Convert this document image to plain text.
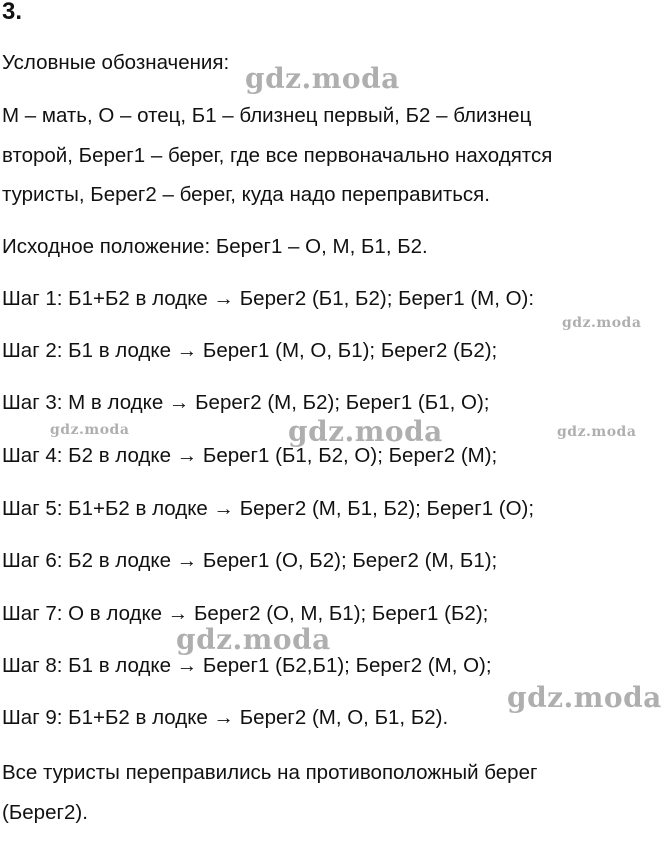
3.
Условные обозначения:
М – мать, О – отец, Б1 – близнец первый, Б2 – близнец
второй, Берег1 – берег, где все первоначально находятся
туристы, Берег2 – берег, куда надо переправиться.
Исходное положение: Берег1 – О, М, Б1, Б2.
Шаг 1: Б1+Б2 в лодке → Берег2 (Б1, Б2); Берег1 (М, О):
Шаг 2: Б1 в лодке → Берег1 (М, О, Б1); Берег2 (Б2);
Шаг 3: М в лодке → Берег2 (М, Б2); Берег1 (Б1, О);
Шаг 4: Б2 в лодке → Берег1 (Б1, Б2, О); Берег2 (М);
Шаг 5: Б1+Б2 в лодке → Берег2 (М, Б1, Б2); Берег1 (О);
Шаг 6: Б2 в лодке → Берег1 (О, Б2); Берег2 (М, Б1);
Шаг 7: О в лодке → Берег2 (О, М, Б1); Берег1 (Б2);
Шаг 8: Б1 в лодке → Берег1 (Б2,Б1); Берег2 (М, О);
Шаг 9: Б1+Б2 в лодке → Берег2 (М, О, Б1, Б2).
Все туристы переправились на противоположный берег
(Берег2).
gdz.moda
gdz.moda
gdz.moda	gdz.moda	gdz.moda
gdz.moda
gdz.moda
